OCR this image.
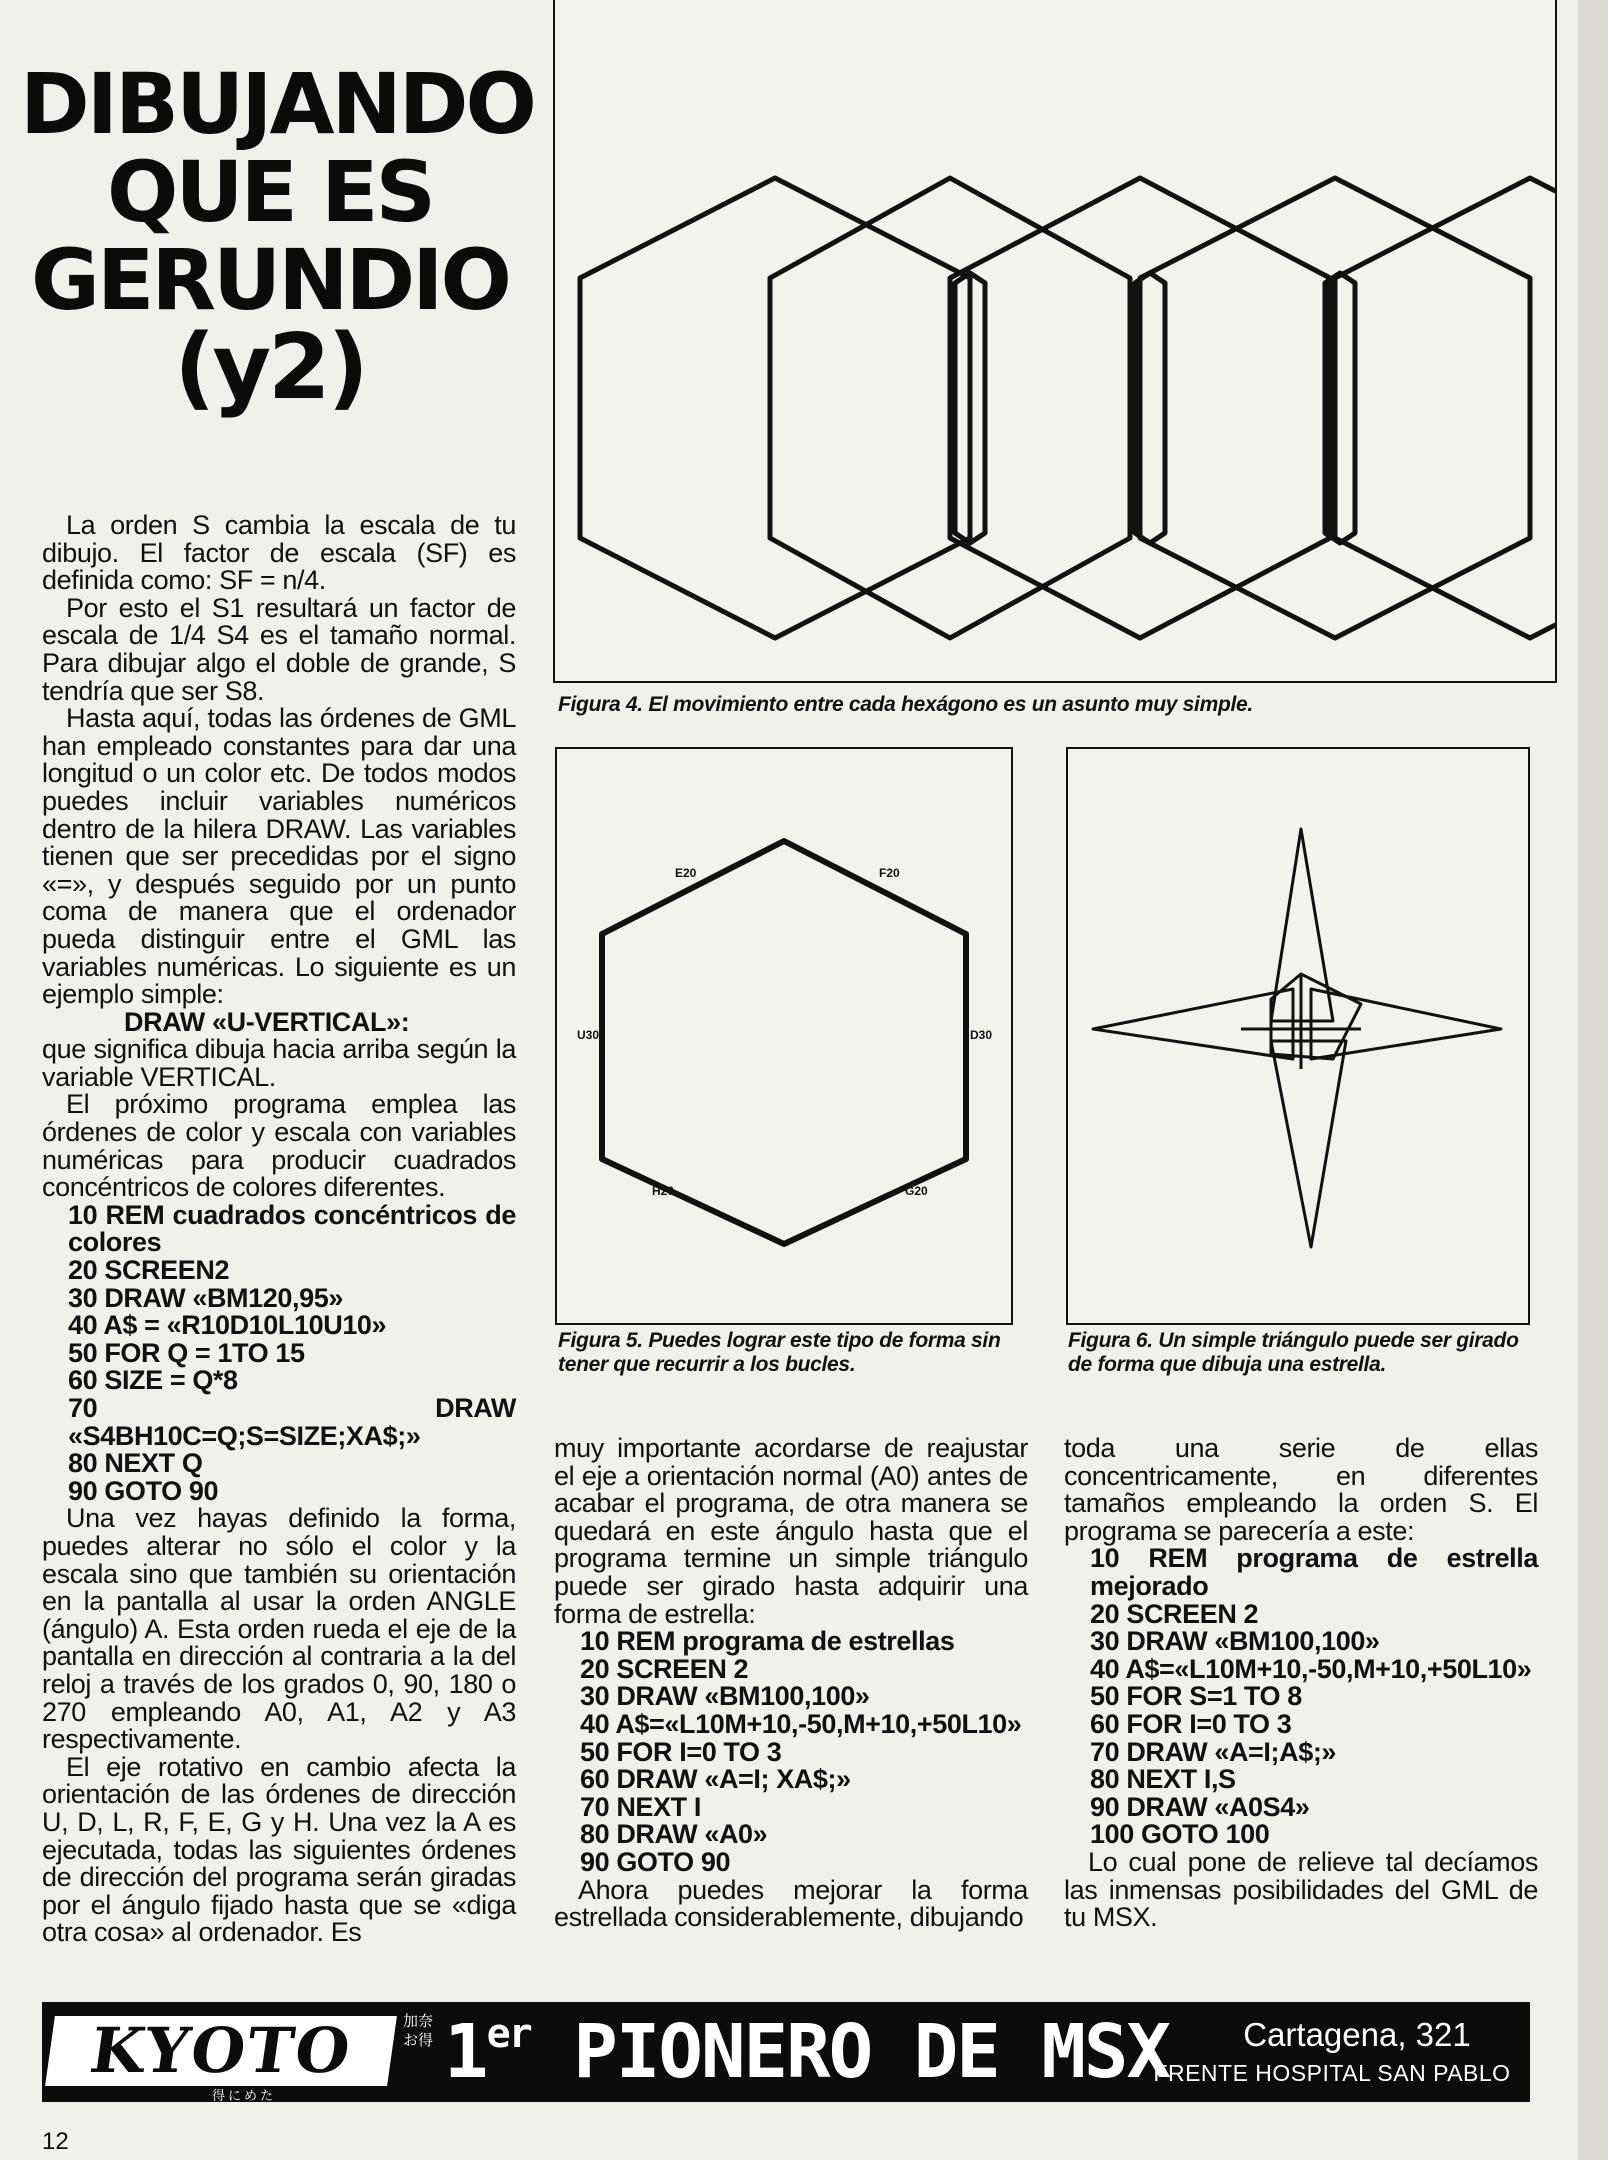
DIBUJANDO
QUE ES
GERUNDIO
(y2)

La orden S cambia la escala de tu dibujo. El factor de escala (SF) es definida como: SF = n/4.

Por esto el S1 resultará un factor de escala de 1/4 S4 es el tamaño normal. Para dibujar algo el doble de grande, S tendría que ser S8.

Hasta aquí, todas las órdenes de GML han empleado constantes para dar una longitud o un color etc. De todos modos puedes incluir variables numéricos dentro de la hilera DRAW. Las variables tienen que ser precedidas por el signo «=», y después seguido por un punto coma de manera que el ordenador pueda distinguir entre el GML las variables numéricas. Lo siguiente es un ejemplo simple:

DRAW «U-VERTICAL»:

que significa dibuja hacia arriba según la variable VERTICAL.

El próximo programa emplea las órdenes de color y escala con variables numéricas para producir cuadrados concéntricos de colores diferentes.

10 REM cuadrados concéntricos de colores

20 SCREEN2

30 DRAW «BM120,95»

40 A$ = «R10D10L10U10»

50 FOR Q = 1TO 15

60 SIZE = Q*8

70 DRAW «S4BH10C=Q;S=SIZE;XA$;»

80 NEXT Q

90 GOTO 90

Una vez hayas definido la forma, puedes alterar no sólo el color y la escala sino que también su orientación en la pantalla al usar la orden ANGLE (ángulo) A. Esta orden rueda el eje de la pantalla en dirección al contraria a la del reloj a través de los grados 0, 90, 180 o 270 empleando A0, A1, A2 y A3 respectivamente.

El eje rotativo en cambio afecta la orientación de las órdenes de dirección U, D, L, R, F, E, G y H. Una vez la A es ejecutada, todas las siguientes órdenes de dirección del programa serán giradas por el ángulo fijado hasta que se «diga otra cosa» al ordenador. Es

Figura 4. El movimiento entre cada hexágono es un asunto muy simple.
E20	F20
U30	D30
H20	G20
Figura 5. Puedes lograr este tipo de forma sin tener que recurrir a los bucles.
Figura 6. Un simple triángulo puede ser girado de forma que dibuja una estrella.

muy importante acordarse de reajustar el eje a orientación normal (A0) antes de acabar el programa, de otra manera se quedará en este ángulo hasta que el programa termine un simple triángulo puede ser girado hasta adquirir una forma de estrella:

10 REM programa de estrellas

20 SCREEN 2

30 DRAW «BM100,100»

40 A$=«L10M+10,-50,M+10,+50L10»

50 FOR I=0 TO 3

60 DRAW «A=I; XA$;»

70 NEXT I

80 DRAW «A0»

90 GOTO 90

Ahora puedes mejorar la forma estrellada considerablemente, dibujando

toda una serie de ellas concentricamente, en diferentes tamaños empleando la orden S. El programa se parecería a este:

10 REM programa de estrella mejorado

20 SCREEN 2

30 DRAW «BM100,100»

40 A$=«L10M+10,-50,M+10,+50L10»

50 FOR S=1 TO 8

60 FOR I=0 TO 3

70 DRAW «A=I;A$;»

80 NEXT I,S

90 DRAW «A0S4»

100 GOTO 100

Lo cual pone de relieve tal decíamos las inmensas posibilidades del GML de tu MSX.

KYOTO	加奈お得
得にめた
1er PIONERO DE MSX	Cartagena, 321
FRENTE HOSPITAL SAN PABLO
12
